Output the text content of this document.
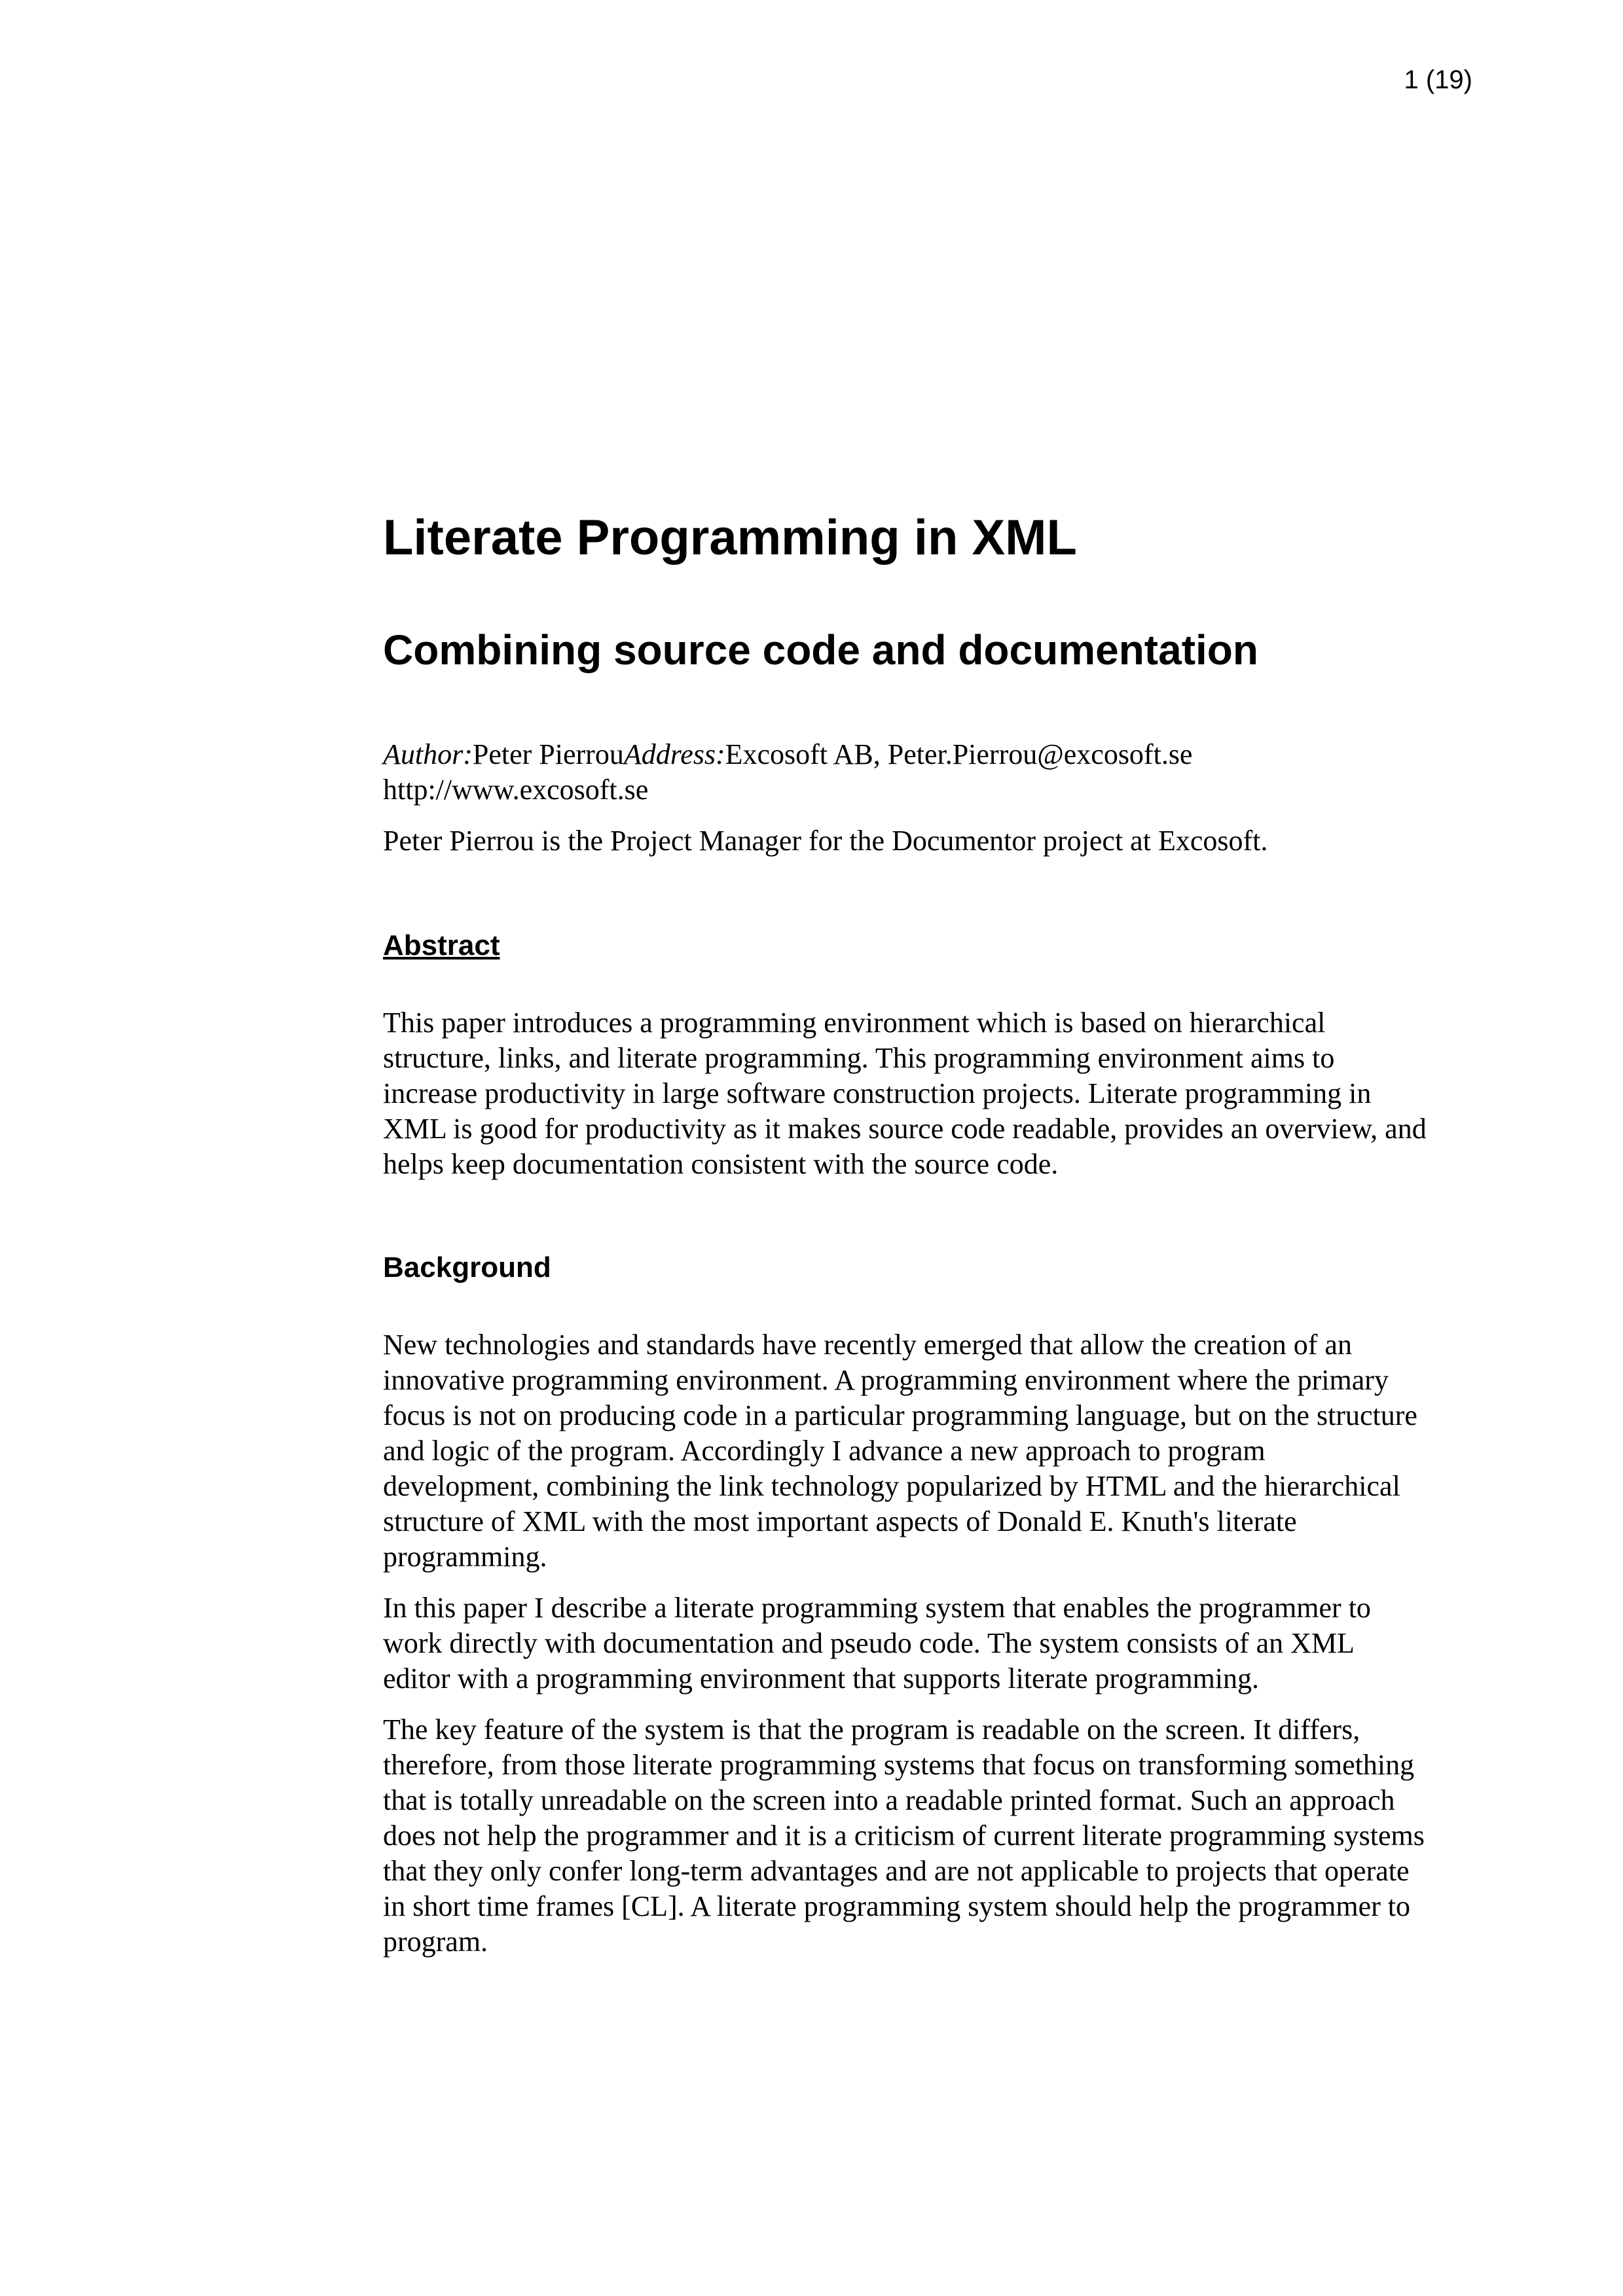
1 (19)
Literate Programming in XML
Combining source code and documentation
Author:Peter PierrouAddress:Excosoft AB, Peter.Pierrou@excosoft.se
http://www.excosoft.se

Peter Pierrou is the Project Manager for the Documentor project at Excosoft.

Abstract

This paper introduces a programming environment which is based on hierarchical
structure, links, and literate programming. This programming environment aims to
increase productivity in large software construction projects. Literate programming in
XML is good for productivity as it makes source code readable, provides an overview, and
helps keep documentation consistent with the source code.

Background

New technologies and standards have recently emerged that allow the creation of an
innovative programming environment. A programming environment where the primary
focus is not on producing code in a particular programming language, but on the structure
and logic of the program. Accordingly I advance a new approach to program
development, combining the link technology popularized by HTML and the hierarchical
structure of XML with the most important aspects of Donald E. Knuth's literate
programming.

In this paper I describe a literate programming system that enables the programmer to
work directly with documentation and pseudo code. The system consists of an XML
editor with a programming environment that supports literate programming.

The key feature of the system is that the program is readable on the screen. It differs,
therefore, from those literate programming systems that focus on transforming something
that is totally unreadable on the screen into a readable printed format. Such an approach
does not help the programmer and it is a criticism of current literate programming systems
that they only confer long-term advantages and are not applicable to projects that operate
in short time frames [CL]. A literate programming system should help the programmer to
program.
